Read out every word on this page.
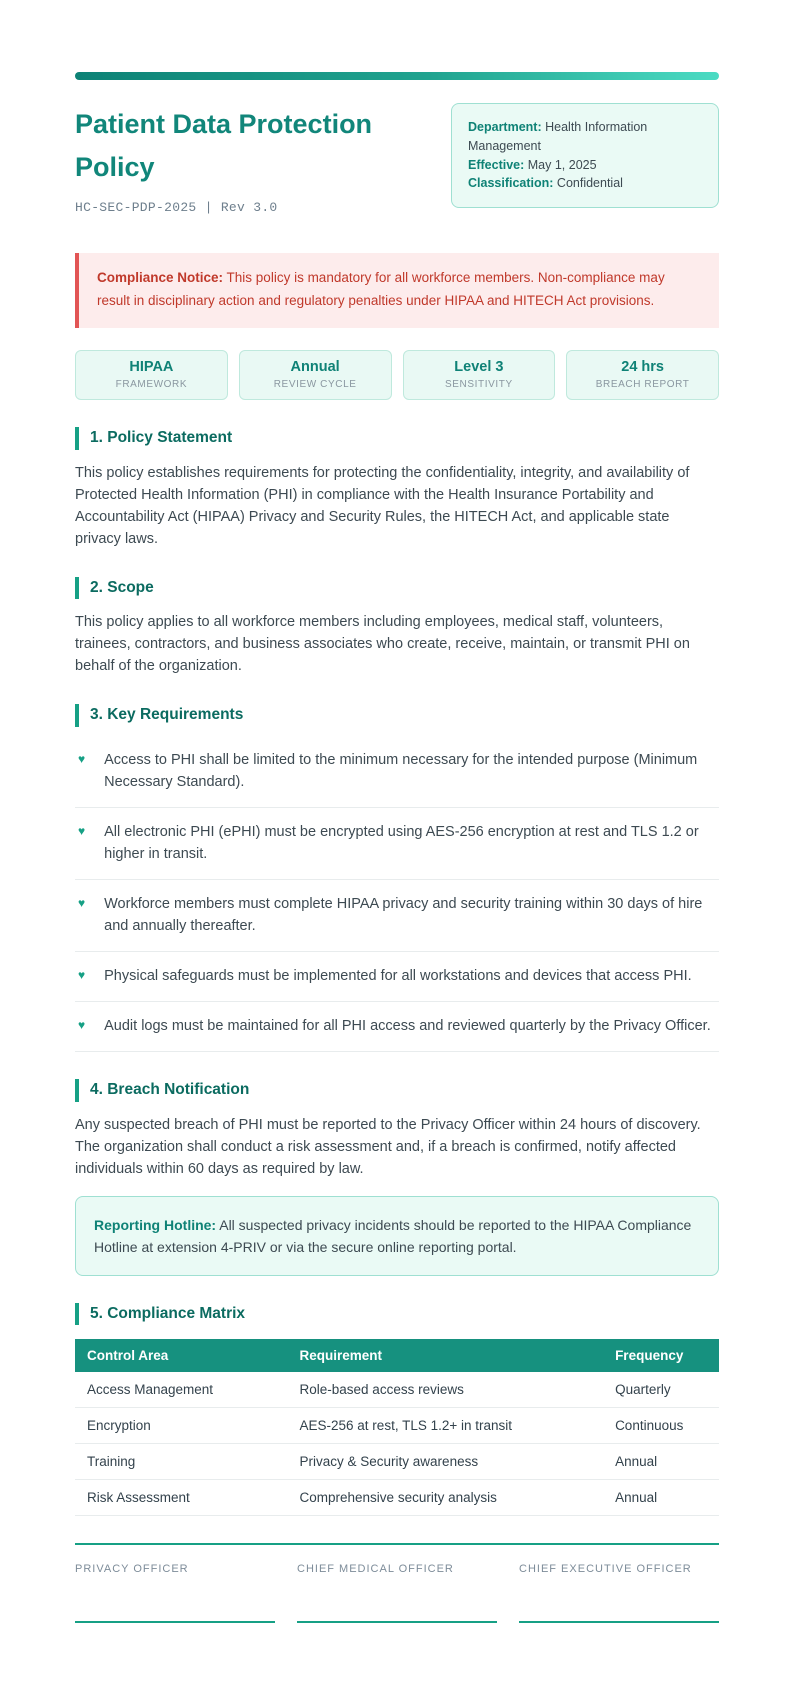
Patient Data Protection Policy
HC-SEC-PDP-2025 | Rev 3.0
Department: Health Information Management
Effective: May 1, 2025
Classification: Confidential
Compliance Notice: This policy is mandatory for all workforce members. Non-compliance may result in disciplinary action and regulatory penalties under HIPAA and HITECH Act provisions.
HIPAA
FRAMEWORK
Annual
REVIEW CYCLE
Level 3
SENSITIVITY
24 hrs
BREACH REPORT
1. Policy Statement

This policy establishes requirements for protecting the confidentiality, integrity, and availability of Protected Health Information (PHI) in compliance with the Health Insurance Portability and Accountability Act (HIPAA) Privacy and Security Rules, the HITECH Act, and applicable state privacy laws.

2. Scope

This policy applies to all workforce members including employees, medical staff, volunteers, trainees, contractors, and business associates who create, receive, maintain, or transmit PHI on behalf of the organization.

3. Key Requirements
♥ Access to PHI shall be limited to the minimum necessary for the intended purpose (Minimum Necessary Standard).
♥ All electronic PHI (ePHI) must be encrypted using AES-256 encryption at rest and TLS 1.2 or higher in transit.
♥ Workforce members must complete HIPAA privacy and security training within 30 days of hire and annually thereafter.
♥ Physical safeguards must be implemented for all workstations and devices that access PHI.
♥ Audit logs must be maintained for all PHI access and reviewed quarterly by the Privacy Officer.
4. Breach Notification

Any suspected breach of PHI must be reported to the Privacy Officer within 24 hours of discovery. The organization shall conduct a risk assessment and, if a breach is confirmed, notify affected individuals within 60 days as required by law.

Reporting Hotline: All suspected privacy incidents should be reported to the HIPAA Compliance Hotline at extension 4-PRIV or via the secure online reporting portal.
5. Compliance Matrix
Control Area	Requirement	Frequency
Access Management	Role-based access reviews	Quarterly
Encryption	AES-256 at rest, TLS 1.2+ in transit	Continuous
Training	Privacy & Security awareness	Annual
Risk Assessment	Comprehensive security analysis	Annual
PRIVACY OFFICER	CHIEF MEDICAL OFFICER	CHIEF EXECUTIVE OFFICER
